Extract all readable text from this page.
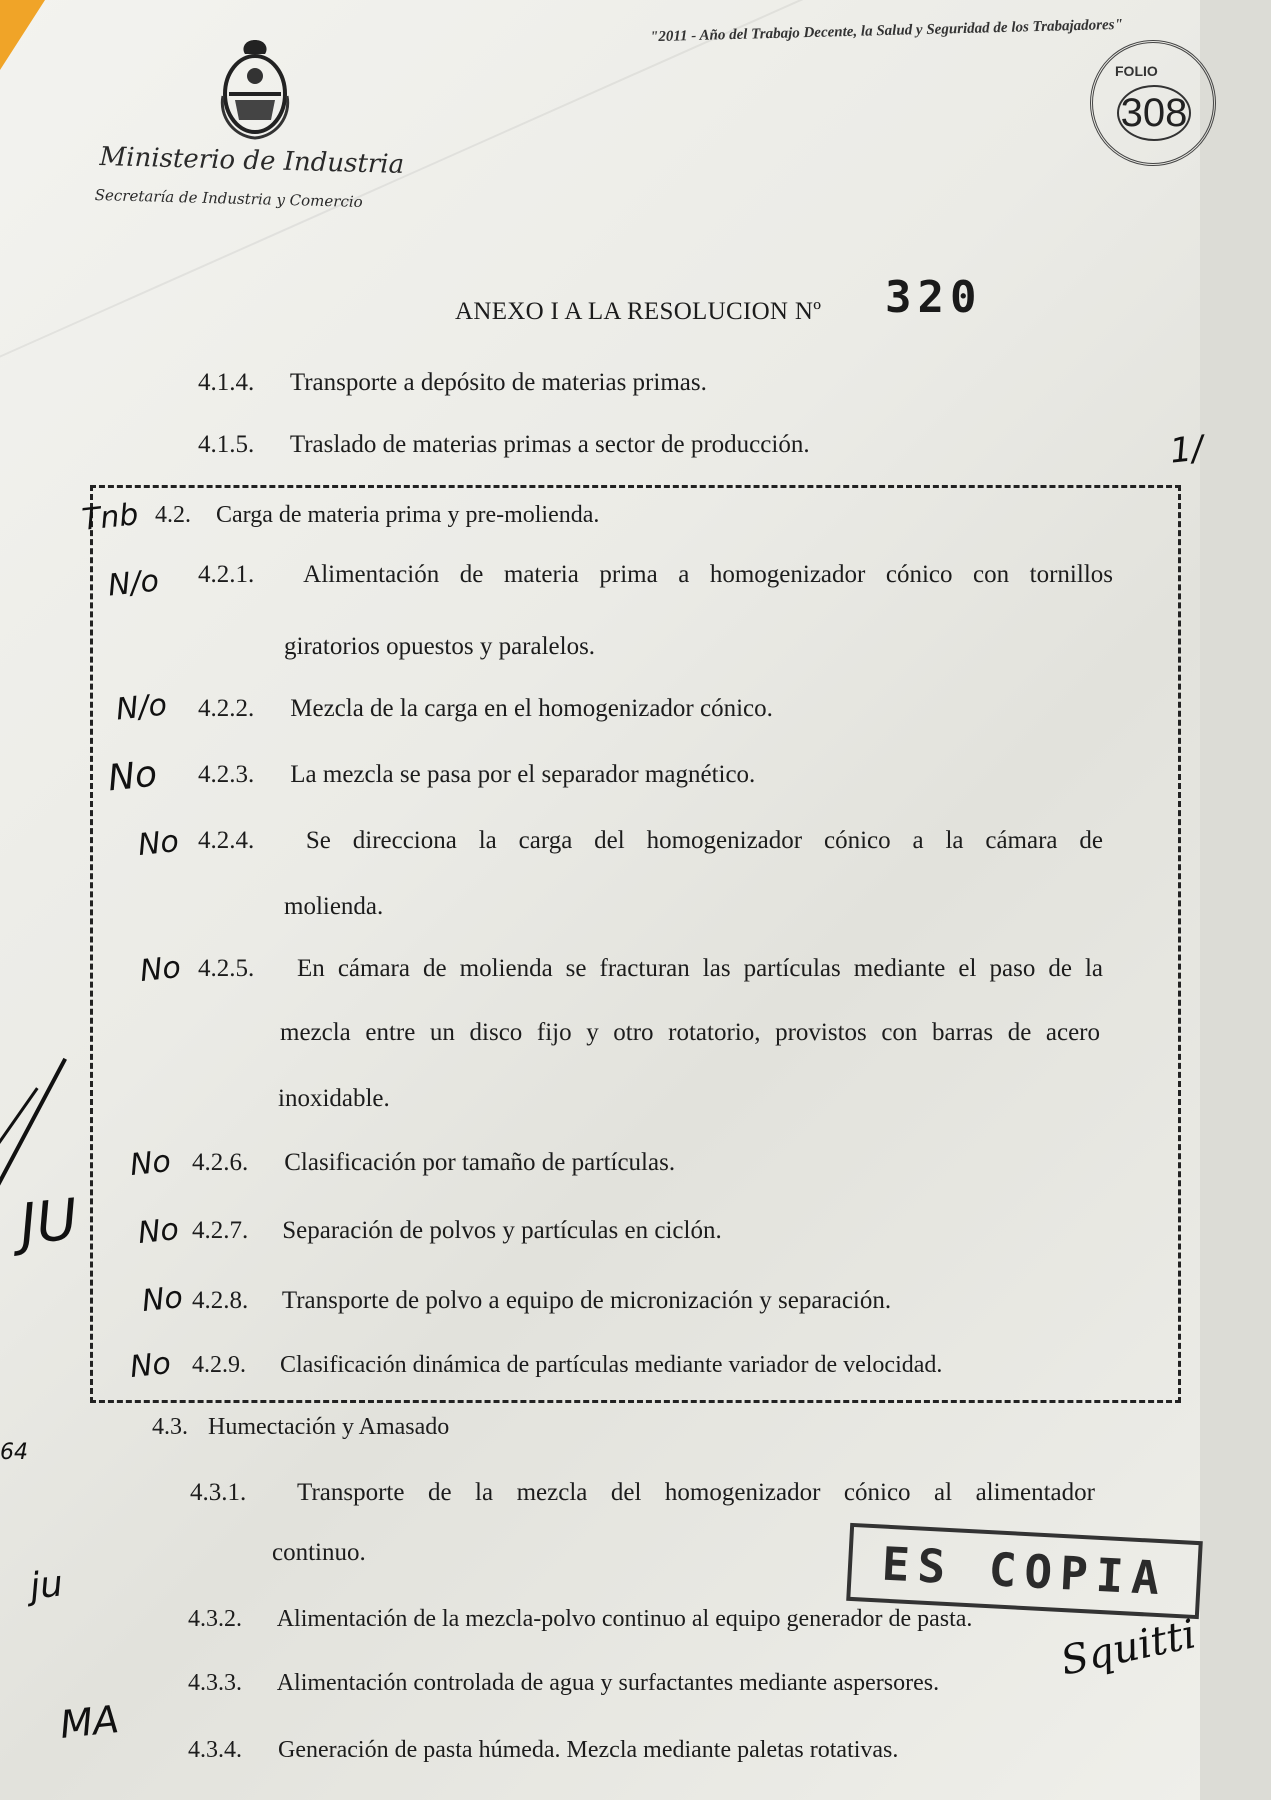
"2011 - Año del Trabajo Decente, la Salud y Seguridad de los Trabajadores"
FOLIO
308
Ministerio de Industria
Secretaría de Industria y Comercio
ANEXO I A LA RESOLUCION Nº 320
4.1.4. Transporte a depósito de materias primas.
4.1.5. Traslado de materias primas a sector de producción.
4.2. Carga de materia prima y pre-molienda.
4.2.1. Alimentación de materia prima a homogenizador cónico con tornillos
giratorios opuestos y paralelos.
4.2.2. Mezcla de la carga en el homogenizador cónico.
4.2.3. La mezcla se pasa por el separador magnético.
4.2.4. Se direcciona la carga del homogenizador cónico a la cámara de
molienda.
4.2.5. En cámara de molienda se fracturan las partículas mediante el paso de la
mezcla entre un disco fijo y otro rotatorio, provistos con barras de acero
inoxidable.
4.2.6. Clasificación por tamaño de partículas.
4.2.7. Separación de polvos y partículas en ciclón.
4.2.8. Transporte de polvo a equipo de micronización y separación.
4.2.9. Clasificación dinámica de partículas mediante variador de velocidad.
4.3. Humectación y Amasado
4.3.1. Transporte de la mezcla del homogenizador cónico al alimentador
continuo.
4.3.2. Alimentación de la mezcla-polvo continuo al equipo generador de pasta.
4.3.3. Alimentación controlada de agua y surfactantes mediante aspersores.
4.3.4. Generación de pasta húmeda. Mezcla mediante paletas rotativas.
Tnb
N/o
N/o
No
No
No
No
No
No
No
JU
64
ju
MA
1/
ES COPIA
Squitti
